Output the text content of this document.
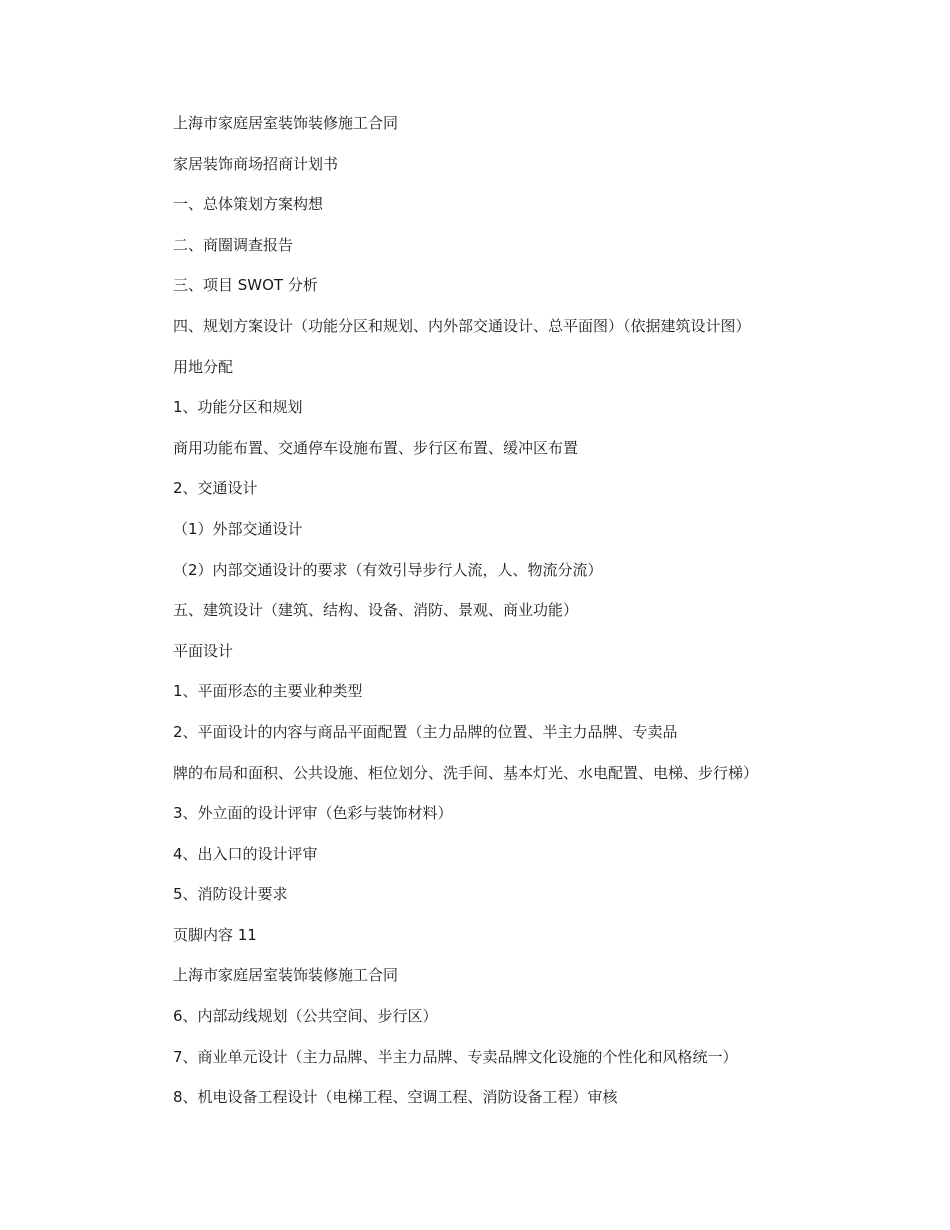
上海市家庭居室装饰装修施工合同
家居装饰商场招商计划书
一、总体策划方案构想
二、商圈调查报告
三、项目 SWOT 分析
四、规划方案设计（功能分区和规划、内外部交通设计、总平面图）（依据建筑设计图）
用地分配
1、功能分区和规划
商用功能布置、交通停车设施布置、步行区布置、缓冲区布置
2、交通设计
（1）外部交通设计
（2）内部交通设计的要求（有效引导步行人流，人、物流分流）
五、建筑设计（建筑、结构、设备、消防、景观、商业功能）
平面设计
1、平面形态的主要业种类型
2、平面设计的内容与商品平面配置（主力品牌的位置、半主力品牌、专卖品
牌的布局和面积、公共设施、柜位划分、洗手间、基本灯光、水电配置、电梯、步行梯）
3、外立面的设计评审（色彩与装饰材料）
4、出入口的设计评审
5、消防设计要求
页脚内容 11
上海市家庭居室装饰装修施工合同
6、内部动线规划（公共空间、步行区）
7、商业单元设计（主力品牌、半主力品牌、专卖品牌文化设施的个性化和风格统一）
8、机电设备工程设计（电梯工程、空调工程、消防设备工程）审核
